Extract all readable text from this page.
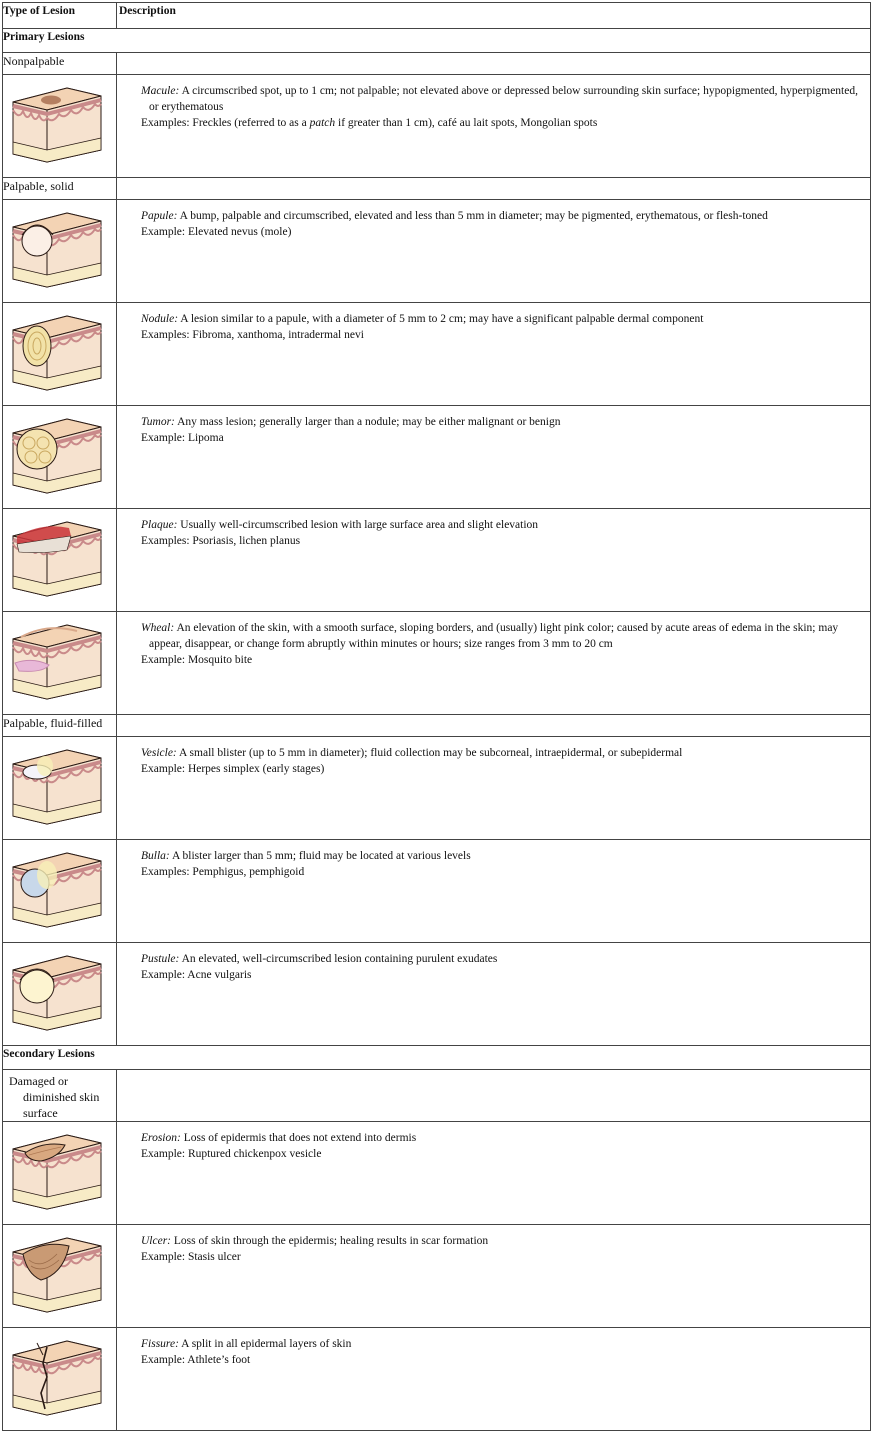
Type of Lesion	Description
Primary Lesions	
Nonpalpable	

Macule: A circumscribed spot, up to 1 cm; not palpable; not elevated above or depressed below surrounding skin surface; hypopigmented, hyperpigmented, or erythematous

Examples: Freckles (referred to as a patch if greater than 1 cm), café au lait spots, Mongolian spots

Palpable, solid	

Papule: A bump, palpable and circumscribed, elevated and less than 5 mm in diameter; may be pigmented, erythematous, or flesh-toned

Example: Elevated nevus (mole)

Nodule: A lesion similar to a papule, with a diameter of 5 mm to 2 cm; may have a significant palpable dermal component

Examples: Fibroma, xanthoma, intradermal nevi

Tumor: Any mass lesion; generally larger than a nodule; may be either malignant or benign

Example: Lipoma

Plaque: Usually well-circumscribed lesion with large surface area and slight elevation

Examples: Psoriasis, lichen planus

Wheal: An elevation of the skin, with a smooth surface, sloping borders, and (usually) light pink color; caused by acute areas of edema in the skin; may appear, disappear, or change form abruptly within minutes or hours; size ranges from 3 mm to 20 cm

Example: Mosquito bite

Palpable, fluid-filled	

Vesicle: A small blister (up to 5 mm in diameter); fluid collection may be subcorneal, intraepidermal, or subepidermal

Example: Herpes simplex (early stages)

Bulla: A blister larger than 5 mm; fluid may be located at various levels

Examples: Pemphigus, pemphigoid

Pustule: An elevated, well-circumscribed lesion containing purulent exudates

Example: Acne vulgaris

Secondary Lesions	

Damaged or diminished skin surface	

Erosion: Loss of epidermis that does not extend into dermis

Example: Ruptured chickenpox vesicle

Ulcer: Loss of skin through the epidermis; healing results in scar formation

Example: Stasis ulcer

Fissure: A split in all epidermal layers of skin

Example: Athlete’s foot
